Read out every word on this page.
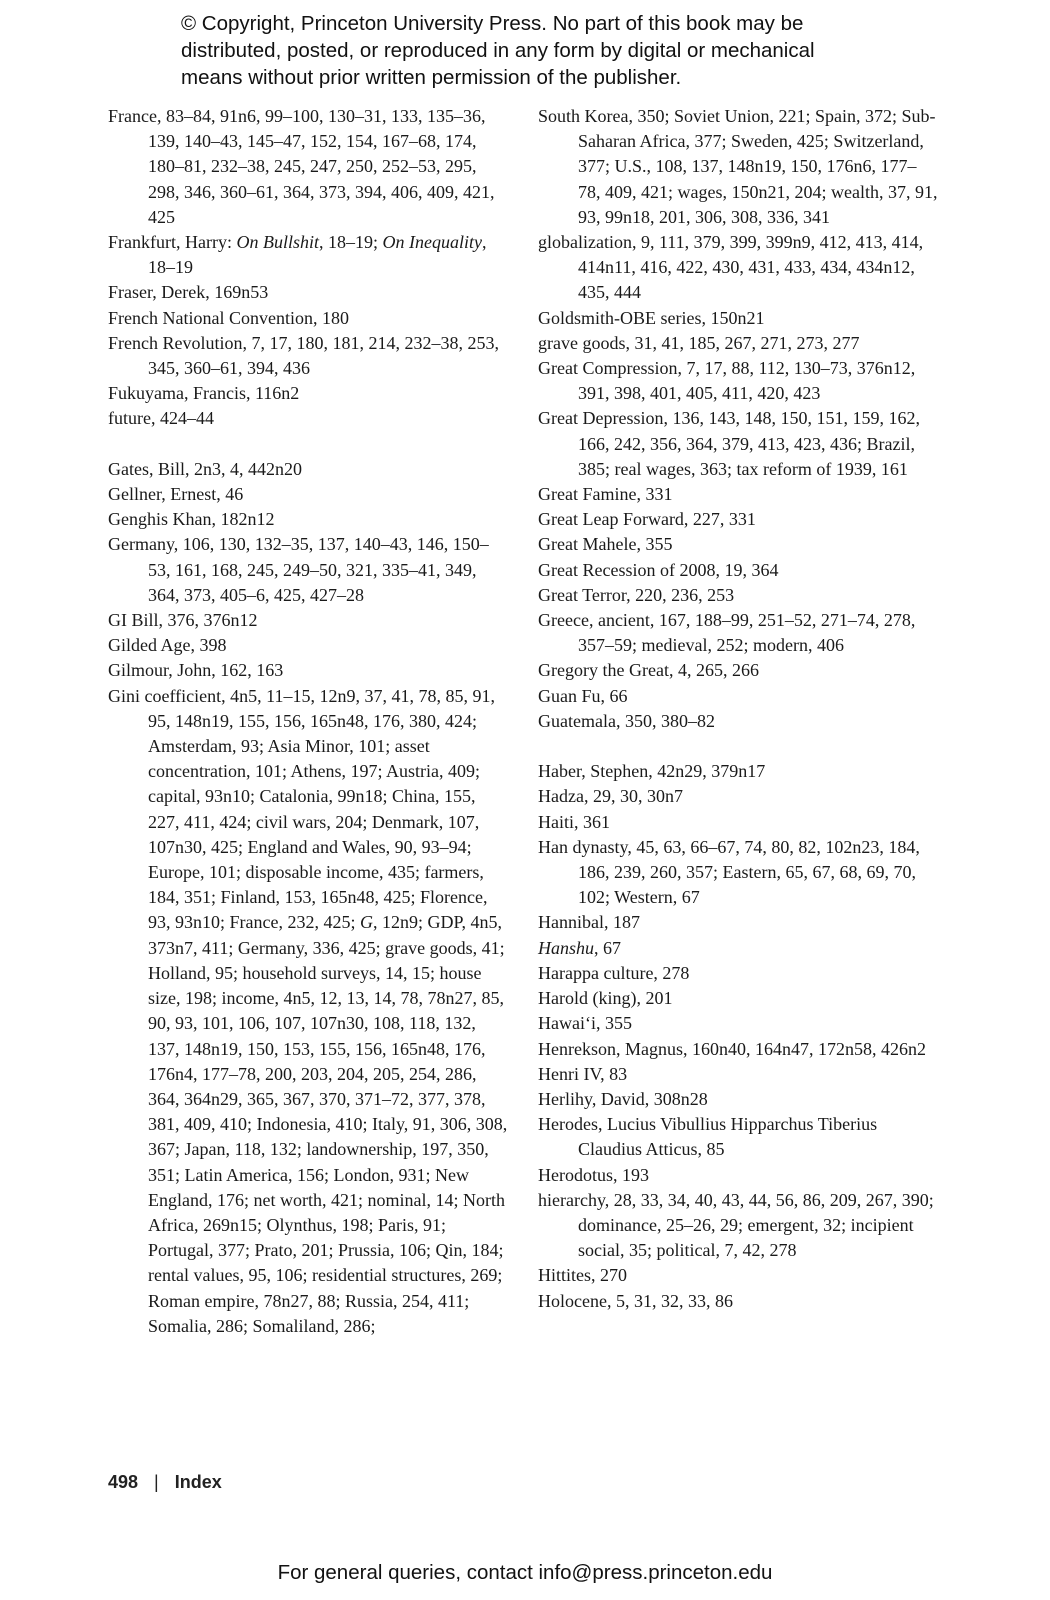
© Copyright, Princeton University Press. No part of this book may be
distributed, posted, or reproduced in any form by digital or mechanical
means without prior written permission of the publisher.
France, 83–84, 91n6, 99–100, 130–31, 133, 135–36, 139, 140–43, 145–47, 152, 154, 167–68, 174, 180–81, 232–38, 245, 247, 250, 252–53, 295, 298, 346, 360–61, 364, 373, 394, 406, 409, 421, 425
Frankfurt, Harry: On Bullshit, 18–19; On Inequality, 18–19
Fraser, Derek, 169n53
French National Convention, 180
French Revolution, 7, 17, 180, 181, 214, 232–38, 253, 345, 360–61, 394, 436
Fukuyama, Francis, 116n2
future, 424–44
Gates, Bill, 2n3, 4, 442n20
Gellner, Ernest, 46
Genghis Khan, 182n12
Germany, 106, 130, 132–35, 137, 140–43, 146, 150–53, 161, 168, 245, 249–50, 321, 335–41, 349, 364, 373, 405–6, 425, 427–28
GI Bill, 376, 376n12
Gilded Age, 398
Gilmour, John, 162, 163
Gini coefficient, 4n5, 11–15, 12n9, 37, 41, 78, 85, 91, 95, 148n19, 155, 156, 165n48, 176, 380, 424; Amsterdam, 93; Asia Minor, 101; asset concentration, 101; Athens, 197; Austria, 409; capital, 93n10; Catalonia, 99n18; China, 155, 227, 411, 424; civil wars, 204; Denmark, 107, 107n30, 425; England and Wales, 90, 93–94; Europe, 101; disposable income, 435; farmers, 184, 351; Finland, 153, 165n48, 425; Florence, 93, 93n10; France, 232, 425; G, 12n9; GDP, 4n5, 373n7, 411; Germany, 336, 425; grave goods, 41; Holland, 95; household surveys, 14, 15; house size, 198; income, 4n5, 12, 13, 14, 78, 78n27, 85, 90, 93, 101, 106, 107, 107n30, 108, 118, 132, 137, 148n19, 150, 153, 155, 156, 165n48, 176, 176n4, 177–78, 200, 203, 204, 205, 254, 286, 364, 364n29, 365, 367, 370, 371–72, 377, 378, 381, 409, 410; Indonesia, 410; Italy, 91, 306, 308, 367; Japan, 118, 132; landownership, 197, 350, 351; Latin America, 156; London, 931; New England, 176; net worth, 421; nominal, 14; North Africa, 269n15; Olynthus, 198; Paris, 91; Portugal, 377; Prato, 201; Prussia, 106; Qin, 184; rental values, 95, 106; residential structures, 269; Roman empire, 78n27, 88; Russia, 254, 411; Somalia, 286; Somaliland, 286;
South Korea, 350; Soviet Union, 221; Spain, 372; Sub-Saharan Africa, 377; Sweden, 425; Switzerland, 377; U.S., 108, 137, 148n19, 150, 176n6, 177–78, 409, 421; wages, 150n21, 204; wealth, 37, 91, 93, 99n18, 201, 306, 308, 336, 341
globalization, 9, 111, 379, 399, 399n9, 412, 413, 414, 414n11, 416, 422, 430, 431, 433, 434, 434n12, 435, 444
Goldsmith-OBE series, 150n21
grave goods, 31, 41, 185, 267, 271, 273, 277
Great Compression, 7, 17, 88, 112, 130–73, 376n12, 391, 398, 401, 405, 411, 420, 423
Great Depression, 136, 143, 148, 150, 151, 159, 162, 166, 242, 356, 364, 379, 413, 423, 436; Brazil, 385; real wages, 363; tax reform of 1939, 161
Great Famine, 331
Great Leap Forward, 227, 331
Great Mahele, 355
Great Recession of 2008, 19, 364
Great Terror, 220, 236, 253
Greece, ancient, 167, 188–99, 251–52, 271–74, 278, 357–59; medieval, 252; modern, 406
Gregory the Great, 4, 265, 266
Guan Fu, 66
Guatemala, 350, 380–82
Haber, Stephen, 42n29, 379n17
Hadza, 29, 30, 30n7
Haiti, 361
Han dynasty, 45, 63, 66–67, 74, 80, 82, 102n23, 184, 186, 239, 260, 357; Eastern, 65, 67, 68, 69, 70, 102; Western, 67
Hannibal, 187
Hanshu, 67
Harappa culture, 278
Harold (king), 201
Hawai‘i, 355
Henrekson, Magnus, 160n40, 164n47, 172n58, 426n2
Henri IV, 83
Herlihy, David, 308n28
Herodes, Lucius Vibullius Hipparchus Tiberius Claudius Atticus, 85
Herodotus, 193
hierarchy, 28, 33, 34, 40, 43, 44, 56, 86, 209, 267, 390; dominance, 25–26, 29; emergent, 32; incipient social, 35; political, 7, 42, 278
Hittites, 270
Holocene, 5, 31, 32, 33, 86
498 | Index
For general queries, contact info@press.princeton.edu
